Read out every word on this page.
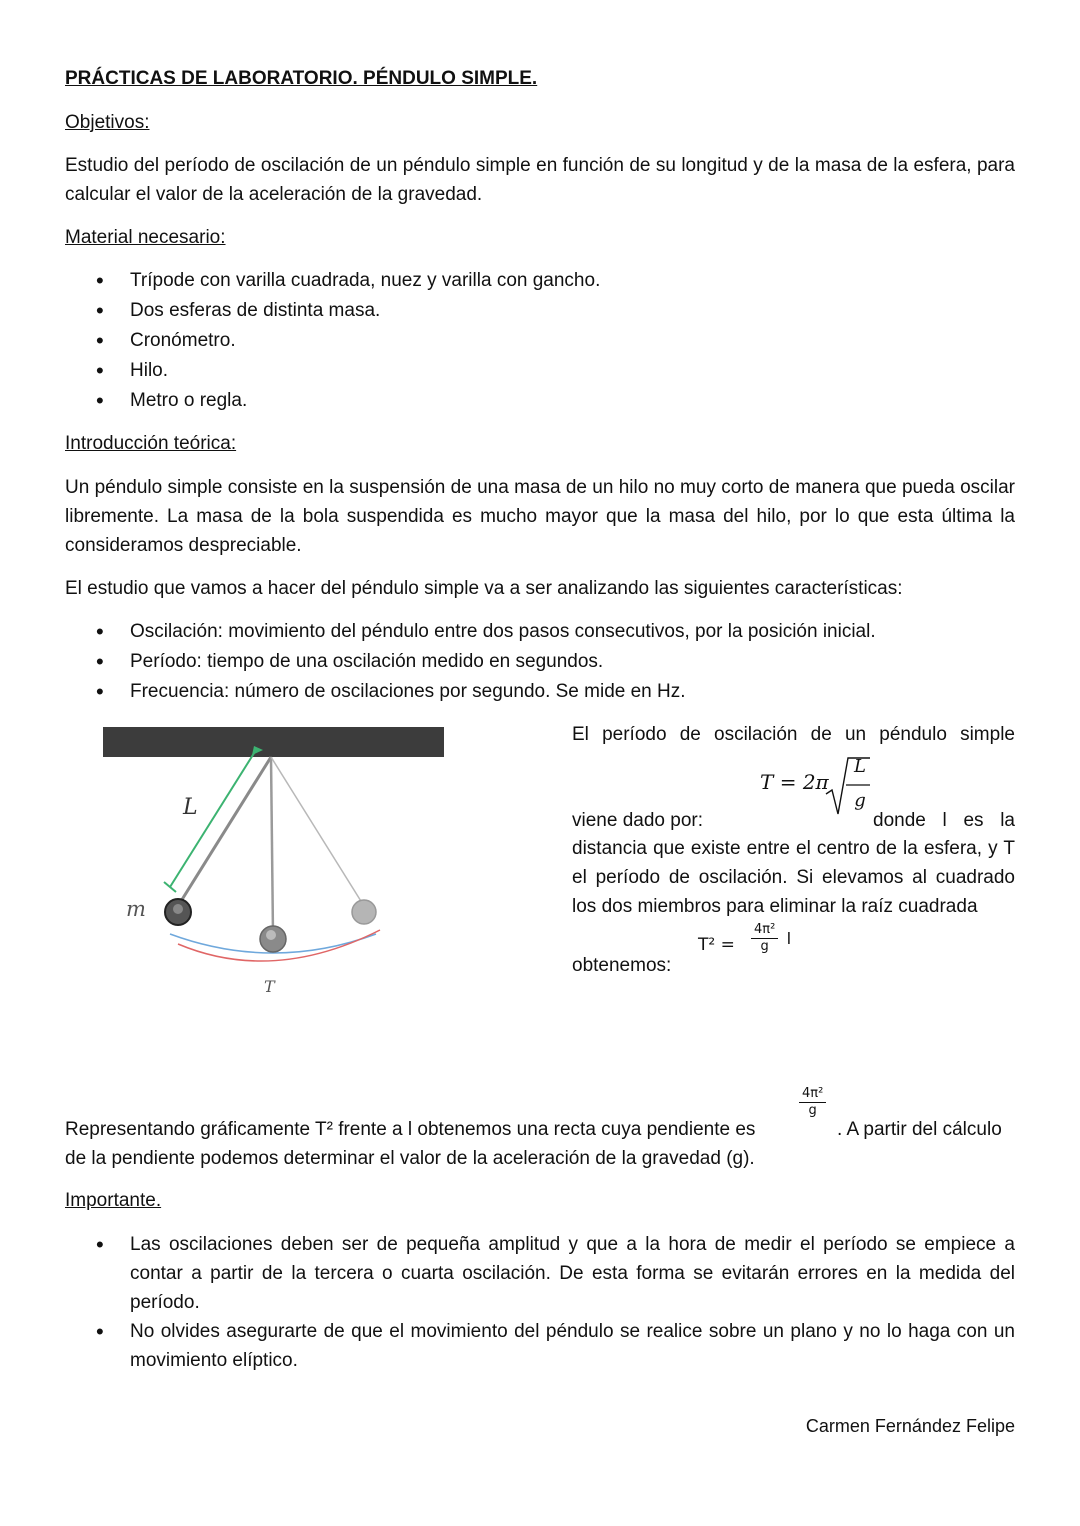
PRÁCTICAS DE LABORATORIO. PÉNDULO SIMPLE.
Objetivos:

Estudio del período de oscilación de un péndulo simple en función de su longitud y de la masa de la esfera, para calcular el valor de la aceleración de la gravedad.

Material necesario:
• Trípode con varilla cuadrada, nuez y varilla con gancho.
• Dos esferas de distinta masa.
• Cronómetro.
• Hilo.
• Metro o regla.
Introducción teórica:

Un péndulo simple consiste en la suspensión de una masa de un hilo no muy corto de manera que pueda oscilar libremente. La masa de la bola suspendida es mucho mayor que la masa del hilo, por lo que esta última la consideramos despreciable.

El estudio que vamos a hacer del péndulo simple va a ser analizando las siguientes características:

• Oscilación: movimiento del péndulo entre dos pasos consecutivos, por la posición inicial.
• Período: tiempo de una oscilación medido en segundos.
• Frecuencia: número de oscilaciones por segundo. Se mide en Hz.

El período de oscilación de un péndulo simple

T = 2π
L
g

viene dado por:	donde l es la

distancia que existe entre el centro de la esfera, y T el período de oscilación. Si elevamos al cuadrado los dos miembros para eliminar la raíz cuadrada

$T^2 = \frac{\text{4π²}}{g}$ l

obtenemos:

$\frac{\text{4π²}}{g}$

Representando gráficamente T² frente a l obtenemos una recta cuya pendiente es	. A partir del cálculo

de la pendiente podemos determinar el valor de la aceleración de la gravedad (g).

Importante.
• Las oscilaciones deben ser de pequeña amplitud y que a la hora de medir el período se empiece a contar a partir de la tercera o cuarta oscilación. De esta forma se evitarán errores en la medida del período.
• No olvides asegurarte de que el movimiento del péndulo se realice sobre un plano y no lo haga con un movimiento elíptico.
Carmen Fernández Felipe
L
m
T
